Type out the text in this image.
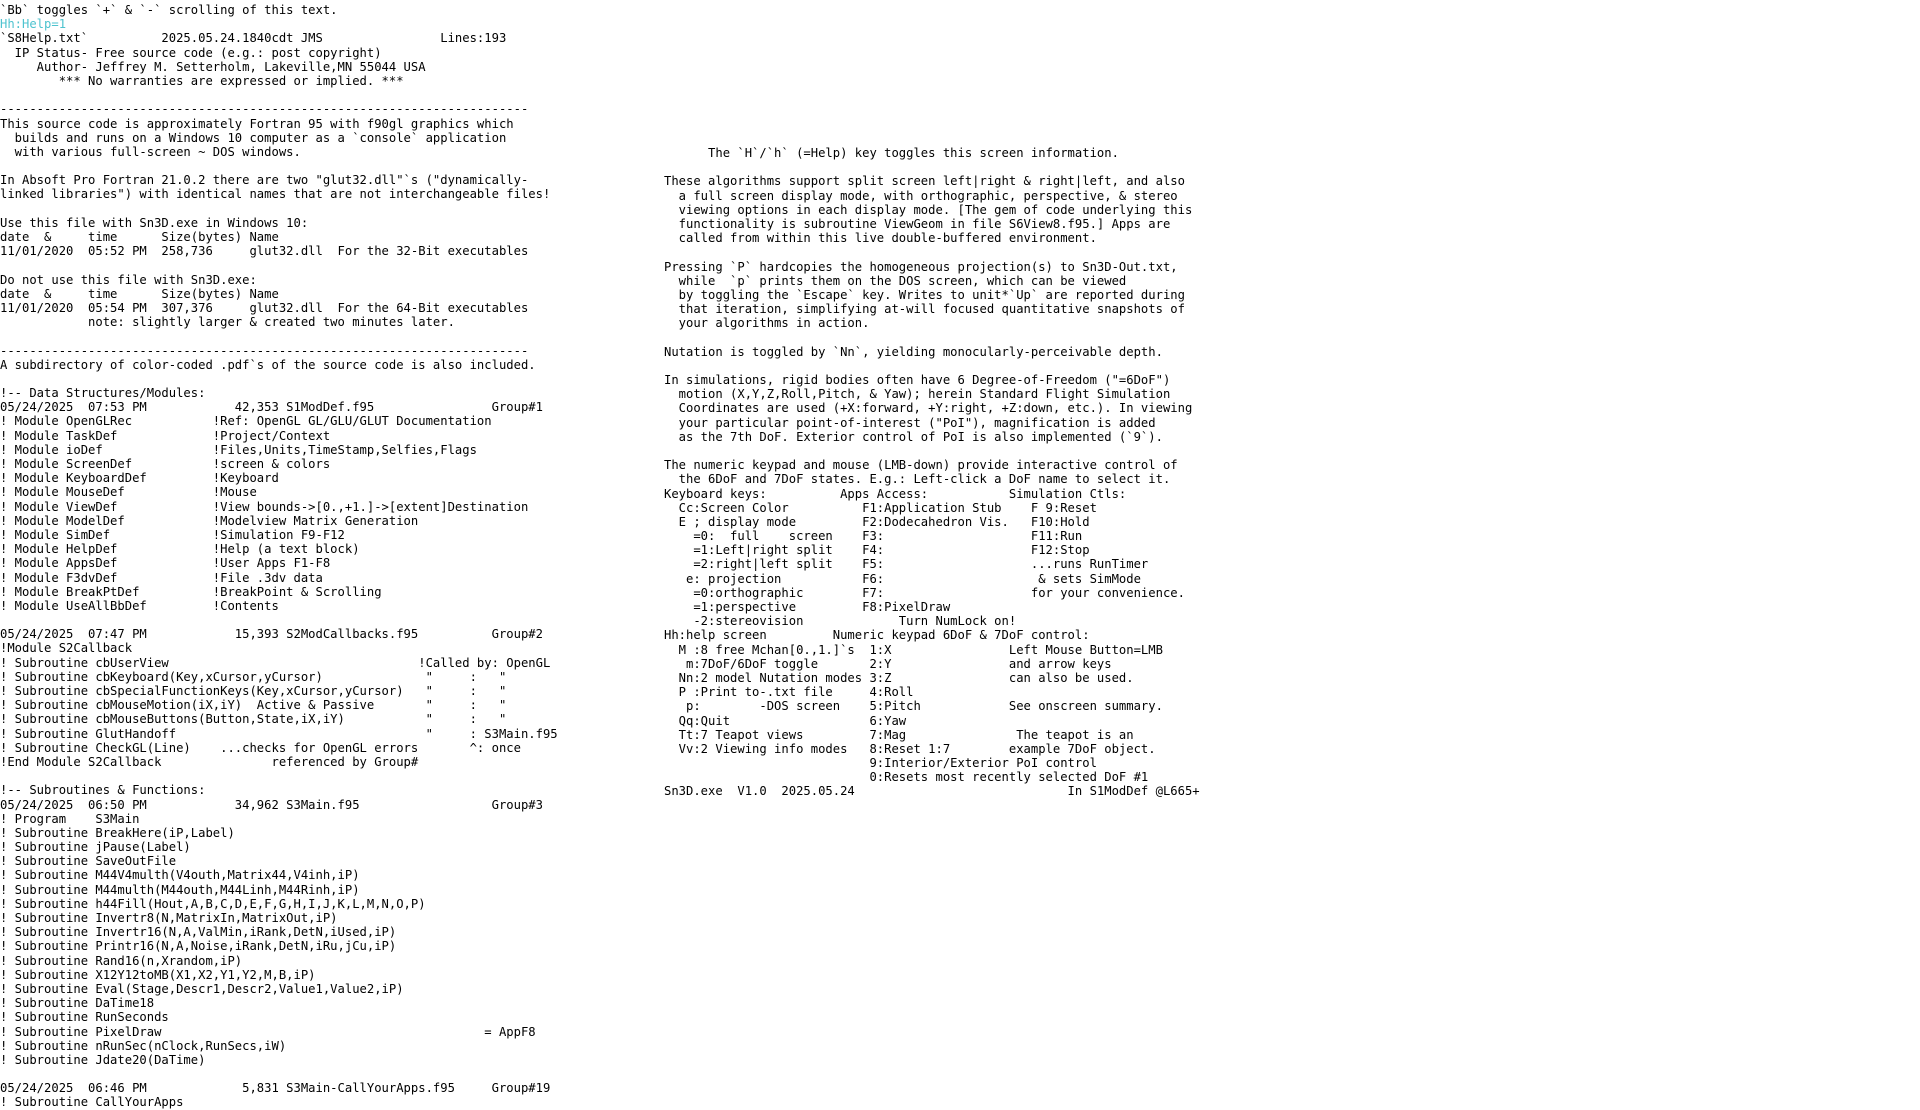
`Bb` toggles `+` & `-` scrolling of this text.
Hh:Help=1
`S8Help.txt`          2025.05.24.1840cdt JMS                Lines:193
IP Status- Free source code (e.g.: post copyright)
Author- Jeffrey M. Setterholm, Lakeville,MN 55044 USA
*** No warranties are expressed or implied. ***
------------------------------------------------------------------------
This source code is approximately Fortran 95 with f90gl graphics which
builds and runs on a Windows 10 computer as a `console` application
with various full-screen ~ DOS windows.
In Absoft Pro Fortran 21.0.2 there are two "glut32.dll"`s ("dynamically-
linked libraries") with identical names that are not interchangeable files!
Use this file with Sn3D.exe in Windows 10:
date  &     time      Size(bytes) Name
11/01/2020  05:52 PM  258,736     glut32.dll  For the 32-Bit executables
Do not use this file with Sn3D.exe:
date  &     time      Size(bytes) Name
11/01/2020  05:54 PM  307,376     glut32.dll  For the 64-Bit executables
note: slightly larger & created two minutes later.
------------------------------------------------------------------------
A subdirectory of color-coded .pdf`s of the source code is also included.
!-- Data Structures/Modules:
05/24/2025  07:53 PM            42,353 S1ModDef.f95                Group#1
! Module OpenGLRec           !Ref: OpenGL GL/GLU/GLUT Documentation
! Module TaskDef             !Project/Context
! Module ioDef               !Files,Units,TimeStamp,Selfies,Flags
! Module ScreenDef           !screen & colors
! Module KeyboardDef         !Keyboard
! Module MouseDef            !Mouse
! Module ViewDef             !View bounds->[0.,+1.]->[extent]Destination
! Module ModelDef            !Modelview Matrix Generation
! Module SimDef              !Simulation F9-F12
! Module HelpDef             !Help (a text block)
! Module AppsDef             !User Apps F1-F8
! Module F3dvDef             !File .3dv data
! Module BreakPtDef          !BreakPoint & Scrolling
! Module UseAllBbDef         !Contents
05/24/2025  07:47 PM            15,393 S2ModCallbacks.f95          Group#2
!Module S2Callback
! Subroutine cbUserView                                  !Called by: OpenGL
! Subroutine cbKeyboard(Key,xCursor,yCursor)              "     :   "
! Subroutine cbSpecialFunctionKeys(Key,xCursor,yCursor)   "     :   "
! Subroutine cbMouseMotion(iX,iY)  Active & Passive       "     :   "
! Subroutine cbMouseButtons(Button,State,iX,iY)           "     :   "
! Subroutine GlutHandoff                                  "     : S3Main.f95
! Subroutine CheckGL(Line)    ...checks for OpenGL errors       ^: once
!End Module S2Callback               referenced by Group#
!-- Subroutines & Functions:
05/24/2025  06:50 PM            34,962 S3Main.f95                  Group#3
! Program    S3Main
! Subroutine BreakHere(iP,Label)
! Subroutine jPause(Label)
! Subroutine SaveOutFile
! Subroutine M44V4multh(V4outh,Matrix44,V4inh,iP)
! Subroutine M44multh(M44outh,M44Linh,M44Rinh,iP)
! Subroutine h44Fill(Hout,A,B,C,D,E,F,G,H,I,J,K,L,M,N,O,P)
! Subroutine Invertr8(N,MatrixIn,MatrixOut,iP)
! Subroutine Invertr16(N,A,ValMin,iRank,DetN,iUsed,iP)
! Subroutine Printr16(N,A,Noise,iRank,DetN,iRu,jCu,iP)
! Subroutine Rand16(n,Xrandom,iP)
! Subroutine X12Y12toMB(X1,X2,Y1,Y2,M,B,iP)
! Subroutine Eval(Stage,Descr1,Descr2,Value1,Value2,iP)
! Subroutine DaTime18
! Subroutine RunSeconds
! Subroutine PixelDraw                                            = AppF8
! Subroutine nRunSec(nClock,RunSecs,iW)
! Subroutine Jdate20(DaTime)
05/24/2025  06:46 PM             5,831 S3Main-CallYourApps.f95     Group#19
! Subroutine CallYourApps
The `H`/`h` (=Help) key toggles this screen information.
These algorithms support split screen left|right & right|left, and also
a full screen display mode, with orthographic, perspective, & stereo
viewing options in each display mode. [The gem of code underlying this
functionality is subroutine ViewGeom in file S6View8.f95.] Apps are
called from within this live double-buffered environment.
Pressing `P` hardcopies the homogeneous projection(s) to Sn3D-Out.txt,
while  `p` prints them on the DOS screen, which can be viewed
by toggling the `Escape` key. Writes to unit*`Up` are reported during
that iteration, simplifying at-will focused quantitative snapshots of
your algorithms in action.
Nutation is toggled by `Nn`, yielding monocularly-perceivable depth.
In simulations, rigid bodies often have 6 Degree-of-Freedom ("=6DoF")
motion (X,Y,Z,Roll,Pitch, & Yaw); herein Standard Flight Simulation
Coordinates are used (+X:forward, +Y:right, +Z:down, etc.). In viewing
your particular point-of-interest ("PoI"), magnification is added
as the 7th DoF. Exterior control of PoI is also implemented (`9`).
The numeric keypad and mouse (LMB-down) provide interactive control of
the 6DoF and 7DoF states. E.g.: Left-click a DoF name to select it.
Keyboard keys:          Apps Access:           Simulation Ctls:
Cc:Screen Color          F1:Application Stub    F 9:Reset
E ; display mode         F2:Dodecahedron Vis.   F10:Hold
=0:  full    screen    F3:                    F11:Run
=1:Left|right split    F4:                    F12:Stop
=2:right|left split    F5:                    ...runs RunTimer
e: projection           F6:                     & sets SimMode
=0:orthographic        F7:                    for your convenience.
=1:perspective         F8:PixelDraw
-2:stereovision             Turn NumLock on!
Hh:help screen         Numeric keypad 6DoF & 7DoF control:
M :8 free Mchan[0.,1.]`s  1:X                Left Mouse Button=LMB
m:7DoF/6DoF toggle       2:Y                and arrow keys
Nn:2 model Nutation modes 3:Z                can also be used.
P :Print to-.txt file     4:Roll
p:        -DOS screen    5:Pitch            See onscreen summary.
Qq:Quit                   6:Yaw
Tt:7 Teapot views         7:Mag               The teapot is an
Vv:2 Viewing info modes   8:Reset 1:7        example 7DoF object.
9:Interior/Exterior PoI control
0:Resets most recently selected DoF #1
Sn3D.exe  V1.0  2025.05.24                             In S1ModDef @L665+
